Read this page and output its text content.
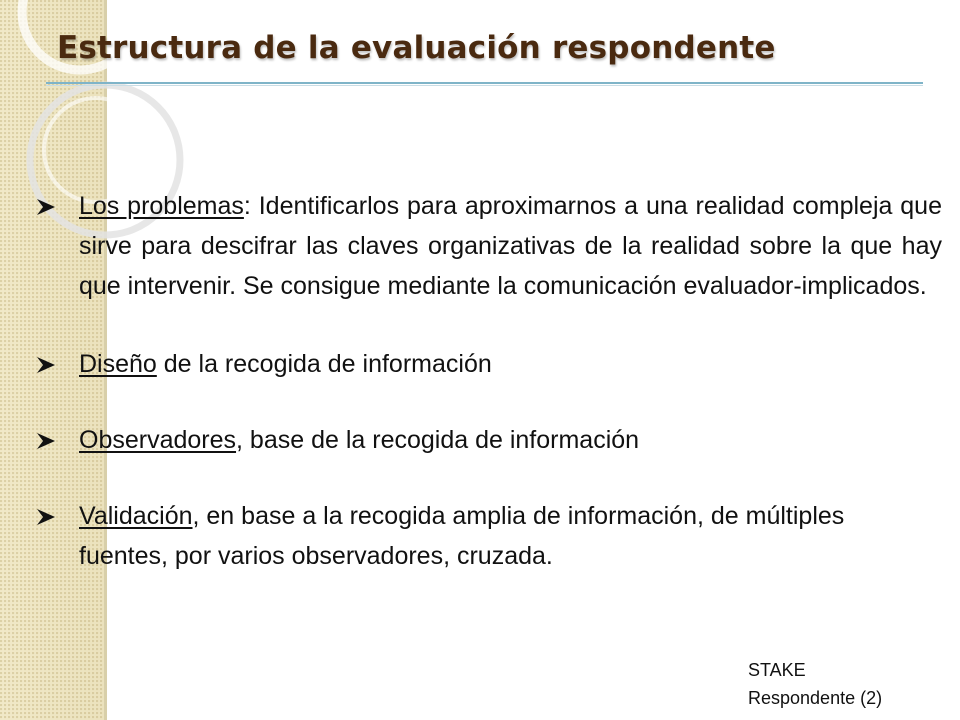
Estructura de la evaluación respondente
Los problemas: Identificarlos para aproximarnos a una realidad compleja que sirve para descifrar las claves organizativas de la realidad sobre la que hay que intervenir. Se consigue mediante la comunicación evaluador-implicados.
Diseño de la recogida de información
Observadores, base de la recogida de información
Validación, en base a la recogida amplia de información, de múltiples fuentes, por varios observadores, cruzada.
STAKE
Respondente (2)
